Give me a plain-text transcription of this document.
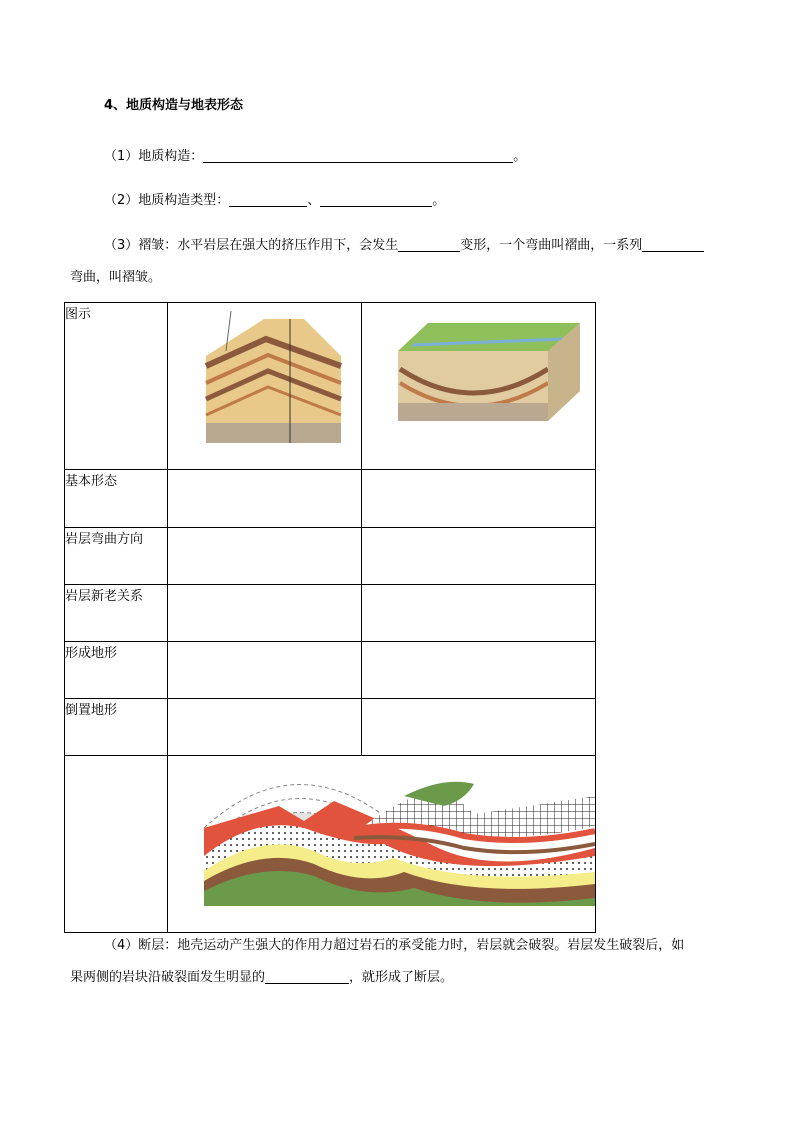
4、地质构造与地表形态
（1）地质构造：	。
（2）地质构造类型：	、	。
（3）褶皱：水平岩层在强大的挤压作用下，会发生	变形，一个弯曲叫褶曲，一系列
弯曲，叫褶皱。
图示		
基本形态		
岩层弯曲方向		
岩层新老关系		
形成地形		
倒置地形		

（4）断层：地壳运动产生强大的作用力超过岩石的承受能力时，岩层就会破裂。岩层发生破裂后，如
果两侧的岩块沿破裂面发生明显的	，就形成了断层。
